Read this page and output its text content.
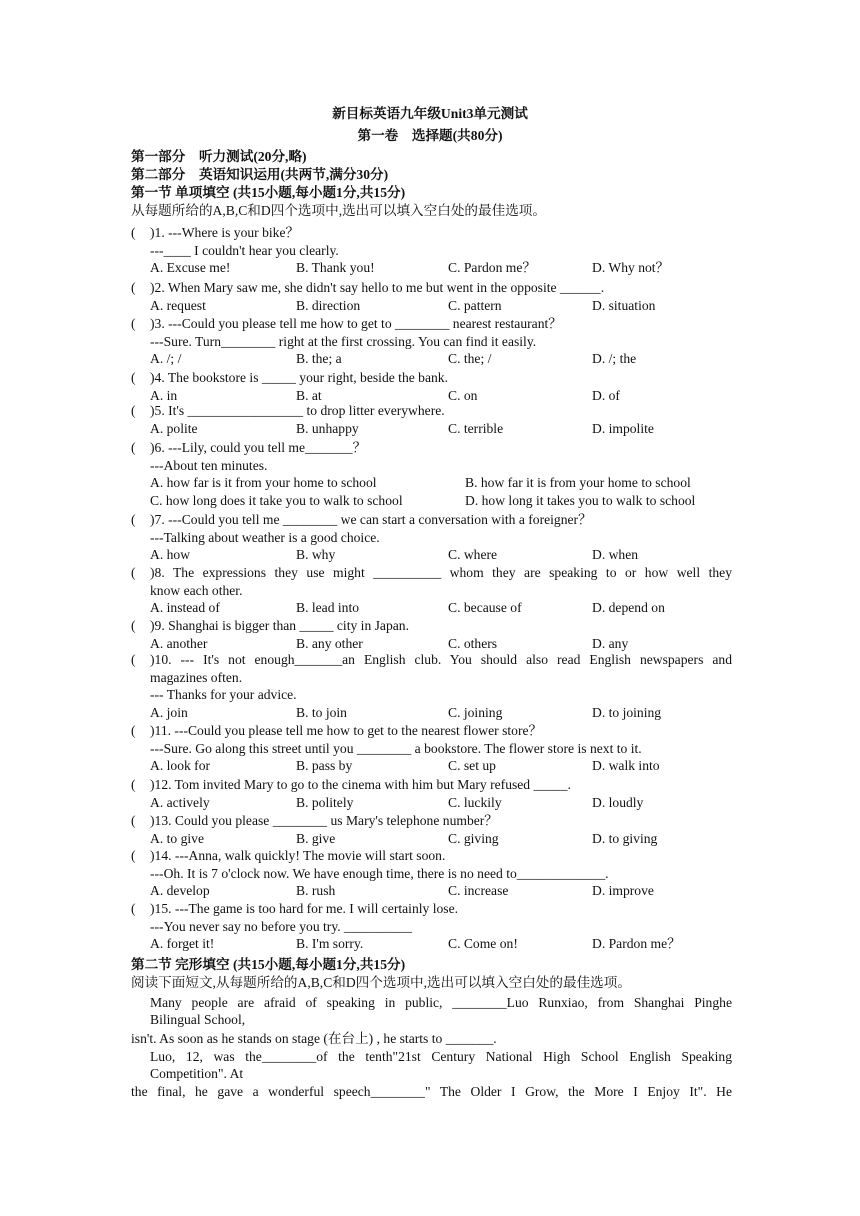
新目标英语九年级Unit3单元测试
第一卷　选择题(共80分)
第一部分　听力测试(20分,略)
第二部分　英语知识运用(共两节,满分30分)
第一节 单项填空 (共15小题,每小题1分,共15分)
从每题所给的A,B,C和D四个选项中,选出可以填入空白处的最佳选项。
( )1. ---Where is your bike？
---____ I couldn't hear you clearly.
A. Excuse me!	B. Thank you!	C. Pardon me？	D. Why not？
( )2. When Mary saw me, she didn't say hello to me but went in the opposite ______.
A. request	B. direction	C. pattern	D. situation
( )3. ---Could you please tell me how to get to ________ nearest restaurant？
---Sure. Turn________ right at the first crossing. You can find it easily.
A. /; /	B. the; a	C. the; /	D. /; the
( )4. The bookstore is _____ your right, beside the bank.
A. in	B. at	C. on	D. of
( )5. It's _________________ to drop litter everywhere.
A. polite	B. unhappy	C. terrible	D. impolite
( )6. ---Lily, could you tell me_______？
---About ten minutes.
A. how far is it from your home to school	B. how far it is from your home to school
C. how long does it take you to walk to school	D. how long it takes you to walk to school
( )7. ---Could you tell me ________ we can start a conversation with a foreigner？
---Talking about weather is a good choice.
A. how	B. why	C. where	D. when
( )8. The expressions they use might __________ whom they are speaking to or how well they
know each other.
A. instead of	B. lead into	C. because of	D. depend on
( )9. Shanghai is bigger than _____ city in Japan.
A. another	B. any other	C. others	D. any
( )10. --- It's not enough_______an English club. You should also read English newspapers and
magazines often.
--- Thanks for your advice.
A. join	B. to join	C. joining	D. to joining
( )11. ---Could you please tell me how to get to the nearest flower store？
---Sure. Go along this street until you ________ a bookstore. The flower store is next to it.
A. look for	B. pass by	C. set up	D. walk into
( )12. Tom invited Mary to go to the cinema with him but Mary refused _____.
A. actively	B. politely	C. luckily	D. loudly
( )13. Could you please ________ us Mary's telephone number？
A. to give	B. give	C. giving	D. to giving
( )14. ---Anna, walk quickly! The movie will start soon.
---Oh. It is 7 o'clock now. We have enough time, there is no need to_____________.
A. develop	B. rush	C. increase	D. improve
( )15. ---The game is too hard for me. I will certainly lose.
---You never say no before you try. __________
A. forget it!	B. I'm sorry.	C. Come on!	D. Pardon me？
第二节 完形填空 (共15小题,每小题1分,共15分)
阅读下面短文,从每题所给的A,B,C和D四个选项中,选出可以填入空白处的最佳选项。
Many people are afraid of speaking in public, ________Luo Runxiao, from Shanghai Pinghe
Bilingual School,
isn't. As soon as he stands on stage (在台上) , he starts to _______.
Luo, 12, was the________of the tenth"21st Century National High School English Speaking
Competition". At
the final, he gave a wonderful speech________" The Older I Grow, the More I Enjoy It". He
